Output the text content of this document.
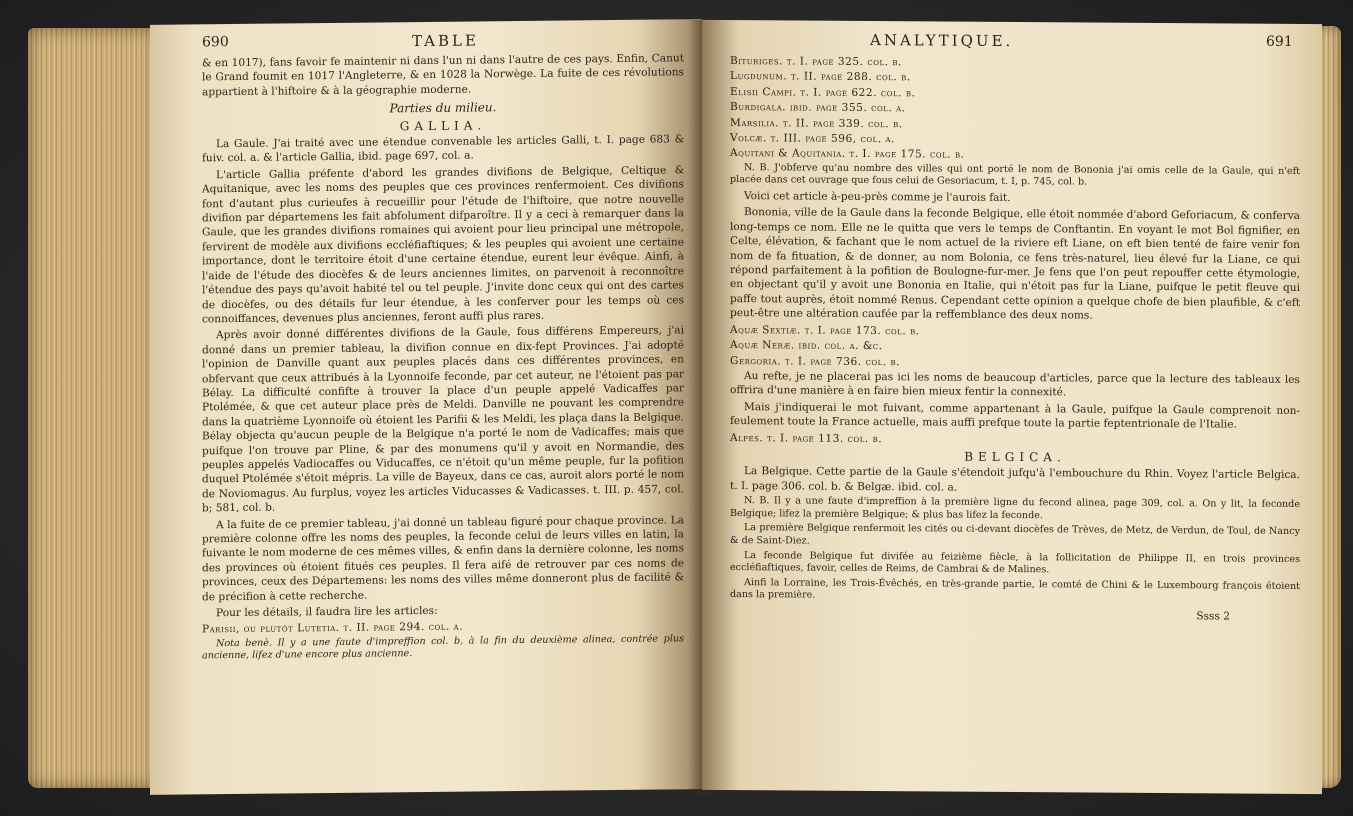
690	TABLE

& en 1017), fans favoir fe maintenir ni dans l'un ni dans l'autre de ces pays. Enfin, Canut le Grand foumit en 1017 l'Angleterre, & en 1028 la Norwège. La fuite de ces révolutions appartient à l'hiftoire & à la géographie moderne.

Parties du milieu.

GALLIA.

La Gaule. J'ai traité avec une étendue convenable les articles Galli, t. I. page 683 & fuiv. col. a. & l'article Gallia, ibid. page 697, col. a.

L'article Gallia préfente d'abord les grandes divifions de Belgique, Celtique & Aquitanique, avec les noms des peuples que ces provinces renfermoient. Ces divifions font d'autant plus curieufes à recueillir pour l'étude de l'hiftoire, que notre nouvelle divifion par départemens les fait abfolument difparoître. Il y a ceci à remarquer dans la Gaule, que les grandes divifions romaines qui avoient pour lieu principal une métropole, fervirent de modèle aux divifions eccléfiaftiques; & les peuples qui avoient une certaine importance, dont le territoire étoit d'une certaine étendue, eurent leur évêque. Ainfi, à l'aide de l'étude des diocèfes & de leurs anciennes limites, on parvenoit à reconnoître l'étendue des pays qu'avoit habité tel ou tel peuple. J'invite donc ceux qui ont des cartes de diocèfes, ou des détails fur leur étendue, à les conferver pour les temps où ces connoiffances, devenues plus anciennes, feront auffi plus rares.

Après avoir donné différentes divifions de la Gaule, fous différens Empereurs, j'ai donné dans un premier tableau, la divifion connue en dix-fept Provinces. J'ai adopté l'opinion de Danville quant aux peuples placés dans ces différentes provinces, en obfervant que ceux attribués à la Lyonnoife feconde, par cet auteur, ne l'étoient pas par Bélay. La difficulté confifte à trouver la place d'un peuple appelé Vadicaffes par Ptolémée, & que cet auteur place près de Meldi. Danville ne pouvant les comprendre dans la quatrième Lyonnoife où étoient les Parifii & les Meldi, les plaça dans la Belgique. Bélay objecta qu'aucun peuple de la Belgique n'a porté le nom de Vadicaffes; mais que puifque l'on trouve par Pline, & par des monumens qu'il y avoit en Normandie, des peuples appelés Vadiocaffes ou Viducaffes, ce n'étoit qu'un même peuple, fur la pofition duquel Ptolémée s'étoit mépris. La ville de Bayeux, dans ce cas, auroit alors porté le nom de Noviomagus. Au furplus, voyez les articles Viducasses & Vadicasses. t. III. p. 457, col. b; 581, col. b.

A la fuite de ce premier tableau, j'ai donné un tableau figuré pour chaque province. La première colonne offre les noms des peuples, la feconde celui de leurs villes en latin, la fuivante le nom moderne de ces mêmes villes, & enfin dans la dernière colonne, les noms des provinces où étoient fitués ces peuples. Il fera aifé de retrouver par ces noms de provinces, ceux des Départemens: les noms des villes même donneront plus de facilité & de précifion à cette recherche.

Pour les détails, il faudra lire les articles:

Parisii, ou plutôt Lutetia. t. II. page 294. col. a.

Nota benè. Il y a une faute d'impreffion col. b, à la fin du deuxième alinea, contrée plus ancienne, lifez d'une encore plus ancienne.

ANALYTIQUE.	691

Bituriges. t. I. page 325. col. b.

Lugdunum. t. II. page 288. col. b.

Elisii Campi. t. I. page 622. col. b.

Burdigala. ibid. page 355. col. a.

Marsilia. t. II. page 339. col. b.

Volcæ. t. III. page 596, col. a.

Aquitani & Aquitania. t. I. page 175. col. b.

N. B. J'obferve qu'au nombre des villes qui ont porté le nom de Bononia j'ai omis celle de la Gaule, qui n'eft placée dans cet ouvrage que fous celui de Gesoriacum, t. I, p. 745, col. b.

Voici cet article à-peu-près comme je l'aurois fait.

Bononia, ville de la Gaule dans la feconde Belgique, elle étoit nommée d'abord Geforiacum, & conferva long-temps ce nom. Elle ne le quitta que vers le temps de Conftantin. En voyant le mot Bol fignifier, en Celte, élévation, & fachant que le nom actuel de la riviere eft Liane, on eft bien tenté de faire venir fon nom de fa fituation, & de donner, au nom Bolonia, ce fens très-naturel, lieu élevé fur la Liane, ce qui répond parfaitement à la pofition de Boulogne-fur-mer. Je fens que l'on peut repouffer cette étymologie, en objectant qu'il y avoit une Bononia en Italie, qui n'étoit pas fur la Liane, puifque le petit fleuve qui paffe tout auprès, étoit nommé Renus. Cependant cette opinion a quelque chofe de bien plaufible, & c'eft peut-être une altération caufée par la reffemblance des deux noms.

Aquæ Sextiæ. t. I. page 173. col. b.

Aquæ Neræ. ibid. col. a. &c.

Gergoria. t. I. page 736. col. b.

Au refte, je ne placerai pas ici les noms de beaucoup d'articles, parce que la lecture des tableaux les offrira d'une manière à en faire bien mieux fentir la connexité.

Mais j'indiquerai le mot fuivant, comme appartenant à la Gaule, puifque la Gaule comprenoit non-feulement toute la France actuelle, mais auffi prefque toute la partie feptentrionale de l'Italie.

Alpes. t. I. page 113. col. b.

BELGICA.

La Belgique. Cette partie de la Gaule s'étendoit jufqu'à l'embouchure du Rhin. Voyez l'article Belgica. t. I. page 306. col. b. & Belgæ. ibid. col. a.

N. B. Il y a une faute d'impreffion à la première ligne du fecond alinea, page 309, col. a. On y lit, la feconde Belgique; lifez la première Belgique; & plus bas lifez la feconde.

La première Belgique renfermoit les cités ou ci-devant diocèfes de Trèves, de Metz, de Verdun, de Toul, de Nancy & de Saint-Diez.

La feconde Belgique fut divifée au feizième fiècle, à la follicitation de Philippe II, en trois provinces eccléfiaftiques, favoir, celles de Reims, de Cambrai & de Malines.

Ainfi la Lorraine, les Trois-Évêchés, en très-grande partie, le comté de Chini & le Luxembourg françois étoient dans la première.

Ssss 2
